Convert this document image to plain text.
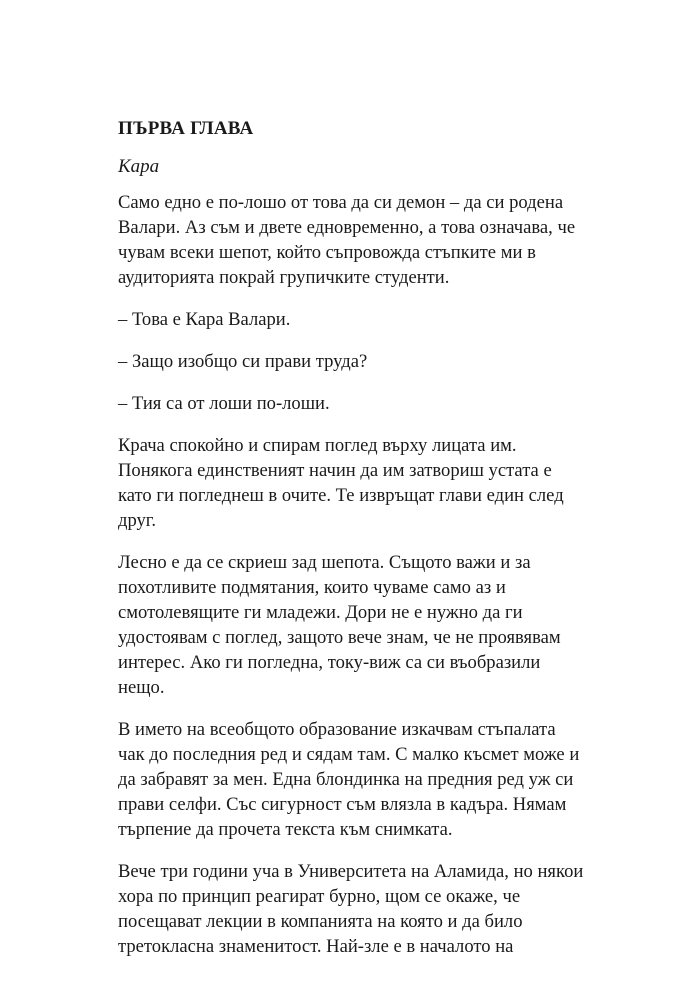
ПЪРВА ГЛАВА

Кара

Само едно е по-лошо от това да си демон – да си родена
Валари. Аз съм и двете едновременно, а това означава, че
чувам всеки шепот, който съпровожда стъпките ми в
аудиторията покрай групичките студенти.

– Това е Кара Валари.

– Защо изобщо си прави труда?

– Тия са от лоши по-лоши.

Крача спокойно и спирам поглед върху лицата им.
Понякога единственият начин да им затвориш устата е
като ги погледнеш в очите. Те извръщат глави един след
друг.

Лесно е да се скриеш зад шепота. Същото важи и за
похотливите подмятания, които чуваме само аз и
смотолевящите ги младежи. Дори не е нужно да ги
удостоявам с поглед, защото вече знам, че не проявявам
интерес. Ако ги погледна, току-виж са си въобразили
нещо.

В името на всеобщото образование изкачвам стъпалата
чак до последния ред и сядам там. С малко късмет може и
да забравят за мен. Една блондинка на предния ред уж си
прави селфи. Със сигурност съм влязла в кадъра. Нямам
търпение да прочета текста към снимката.

Вече три години уча в Университета на Аламида, но някои
хора по принцип реагират бурно, щом се окаже, че
посещават лекции в компанията на която и да било
третокласна знаменитост. Най-зле е в началото на
